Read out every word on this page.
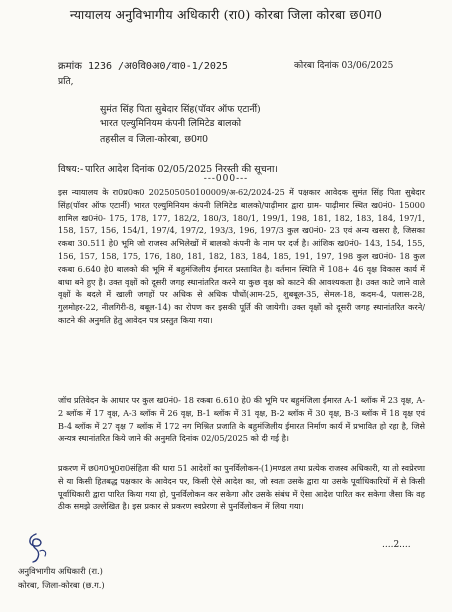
न्यायालय अनुविभागीय अधिकारी (रा0) कोरबा जिला कोरबा छ0ग0
क्रमांक 1236 /अ0वि0अ0/वा0-1/2025	कोरबा दिनांक 03/06/2025
प्रति,
सुमंत सिंह पिता सुबेदार सिंह(पॉवर ऑफ एटार्नी)
भारत एल्युमिनियम कंपनी लिमिटेड बालको
तहसील व जिला-कोरबा, छ0ग0
विषय:- पारित आदेश दिनांक 02/05/2025 निरस्ती की सूचना।
---000---
इस न्यायालय के रा0प्र0क0 202505050100009/अ-62/2024-25 में पक्षकार आवेदक सुमंत सिंह पिता सुबेदार सिंह(पॉवर ऑफ एटार्नी) भारत एल्युमिनियम कंपनी लिमिटेड बालको/पाढ़ीमार द्वारा ग्राम- पाढ़ीमार स्थित ख0नं0- 15000 शामिल ख0नं0- 175, 178, 177, 182/2, 180/3, 180/1, 199/1, 198, 181, 182, 183, 184, 197/1, 158, 157, 156, 154/1, 197/4, 197/2, 193/3, 196, 197/3 कुल ख0नं0- 23 एवं अन्य खसरा है, जिसका रकबा 30.511 हे0 भूमि जो राजस्व अभिलेखों में बालको कंपनी के नाम पर दर्ज है। आंशिक ख0नं0- 143, 154, 155, 156, 157, 158, 175, 176, 180, 181, 182, 183, 184, 185, 191, 197, 198 कुल ख0नं0- 18 कुल रकबा 6.640 हे0 बालको की भूमि में बहुमंजिलीय ईमारत प्रस्तावित है। वर्तमान स्थिति में 108+ 46 वृक्ष विकास कार्य में बाधा बने हुए है। उक्त वृक्षों को दूसरी जगह स्थानांतरित करने या कुछ वृक्ष को काटने की आवश्यकता है। उक्त काटे जाने वाले वृक्षों के बदले में खाली जगहों पर अधिक से अधिक पौधों(आम-25, शुबबूल-35, सेमल-18, कदम-4, पलास-28, गुलमोहर-22, नीलगिरी-8, बबूल-14) का रोपण कर इसकी पूर्ति की जायेगी। उक्त वृक्षों को दूसरी जगह स्थानांतरित करने/काटने की अनुमति हेतु आवेदन पत्र प्रस्तुत किया गया।
जॉच प्रतिवेदन के आधार पर कुल ख0नं0- 18 रकबा 6.610 हे0 की भूमि पर बहुमंजिला ईमारत A-1 ब्लॉक में 23 वृक्ष, A-2 ब्लॉक में 17 वृक्ष, A-3 ब्लॉक में 26 वृक्ष, B-1 ब्लॉक में 31 वृक्ष, B-2 ब्लॉक में 30 वृक्ष, B-3 ब्लॉक में 18 वृक्ष एवं B-4 ब्लॉक में 27 वृक्ष 7 ब्लॉक में 172 नग मिश्रित प्रजाति के बहुमंजिलीय ईमारत निर्माण कार्य में प्रभावित हो रहा है, जिसे अन्यत्र स्थानांतरित किये जाने की अनुमति दिनांक 02/05/2025 को दी गई है।
प्रकरण में छ0ग0भू0रा0संहिता की धारा 51 आदेशों का पुनर्विलोकन-(1)मण्डल तथा प्रत्येक राजस्व अधिकारी, या तो स्वप्रेरणा से या किसी हितबद्ध पक्षकार के आवेदन पर, किसी ऐसे आदेश का, जो स्वतः उसके द्वारा या उसके पूर्वाधिकारियों में से किसी पूर्वाधिकारी द्वारा पारित किया गया हो, पुनर्विलोकन कर सकेगा और उसके संबंध में ऐसा आदेश पारित कर सकेगा जैसा कि वह ठीक समझे उल्लेखित है। इस प्रकार से प्रकरण स्वप्रेरणा से पुनर्विलोकन में लिया गया।
....2....
अनुविभागीय अधिकारी (रा.)
कोरबा, जिला-कोरबा (छ.ग.)
